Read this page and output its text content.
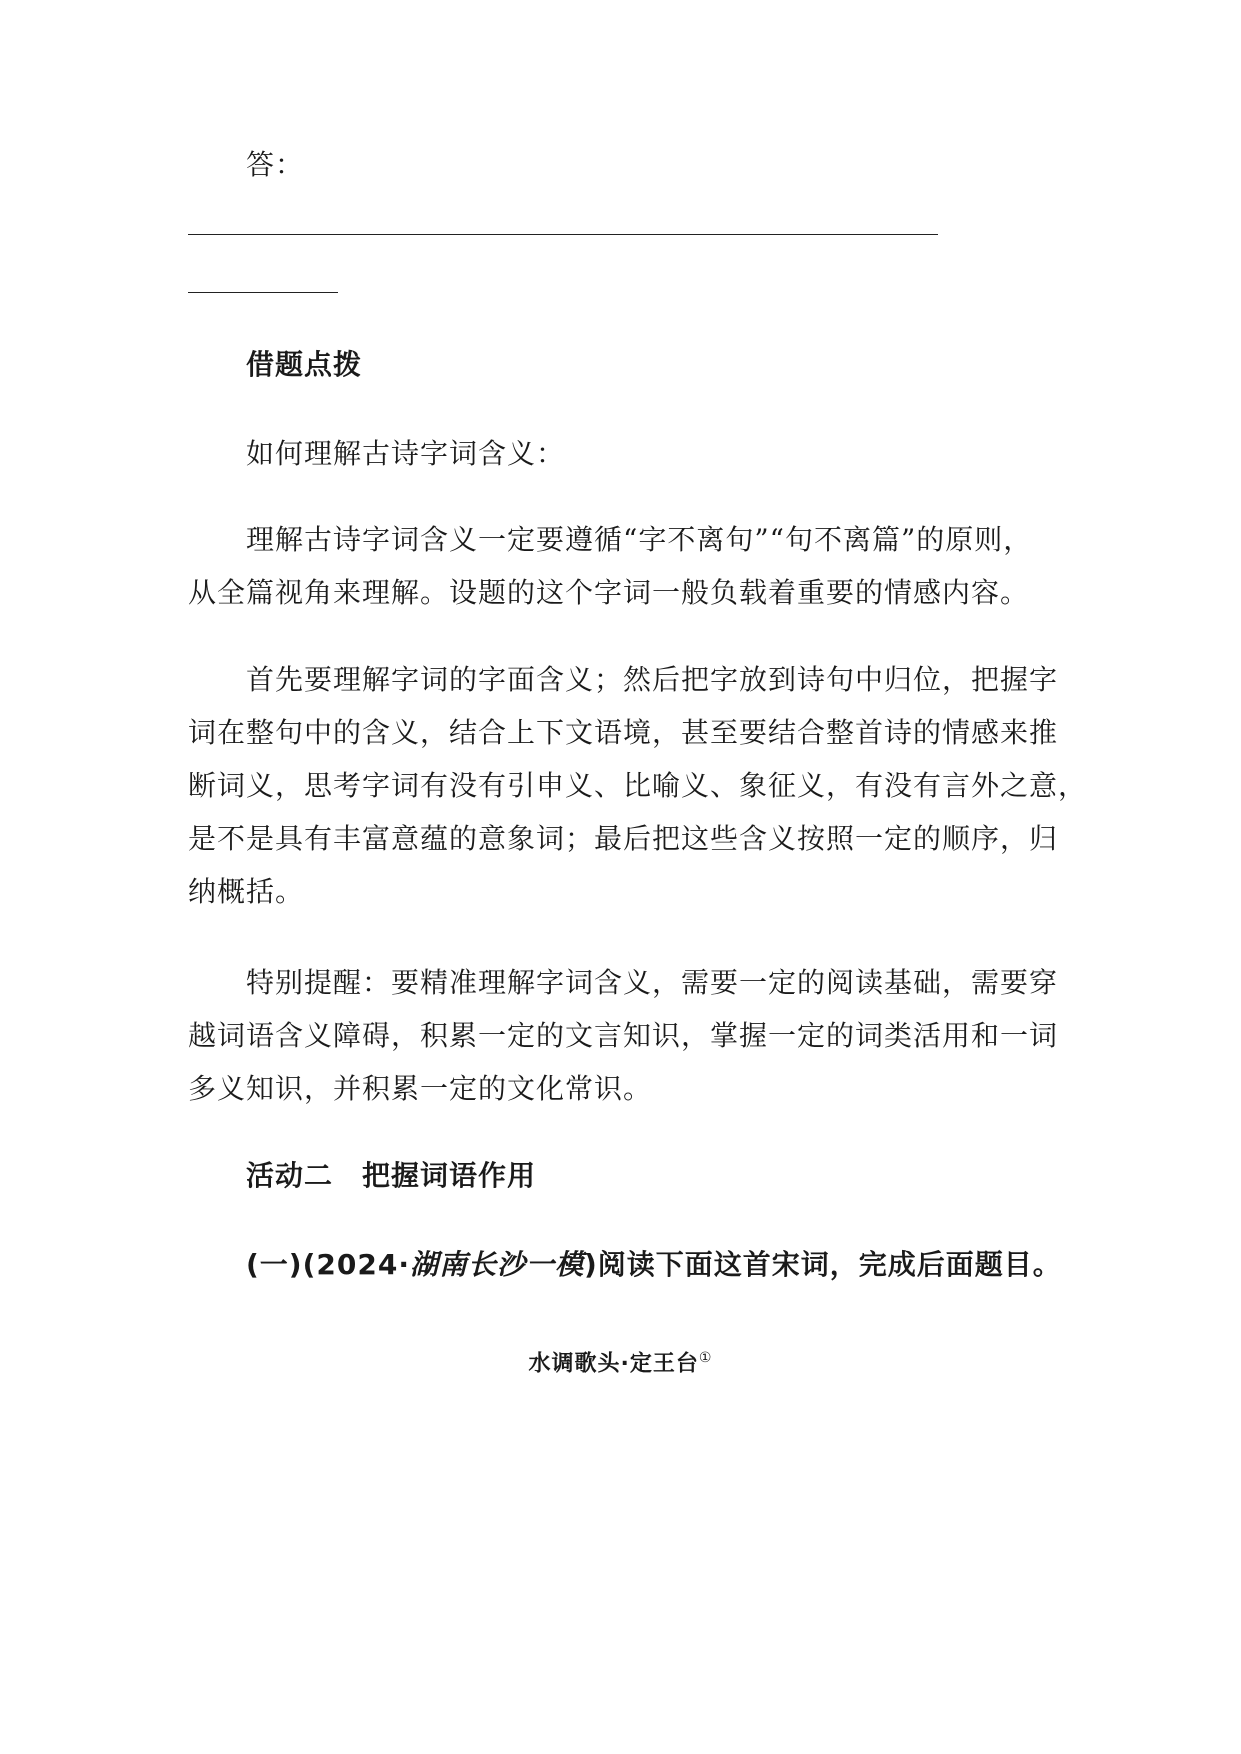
答：
借题点拨
如何理解古诗字词含义：
理解古诗字词含义一定要遵循“字不离句”“句不离篇”的原则，
从全篇视角来理解。设题的这个字词一般负载着重要的情感内容。
首先要理解字词的字面含义；然后把字放到诗句中归位，把握字
词在整句中的含义，结合上下文语境，甚至要结合整首诗的情感来推
断词义，思考字词有没有引申义、比喻义、象征义，有没有言外之意，
是不是具有丰富意蕴的意象词；最后把这些含义按照一定的顺序，归
纳概括。
特别提醒：要精准理解字词含义，需要一定的阅读基础，需要穿
越词语含义障碍，积累一定的文言知识，掌握一定的词类活用和一词
多义知识，并积累一定的文化常识。
活动二　把握词语作用
(一)(2024·湖南长沙一模)阅读下面这首宋词，完成后面题目。
水调歌头·定王台①
